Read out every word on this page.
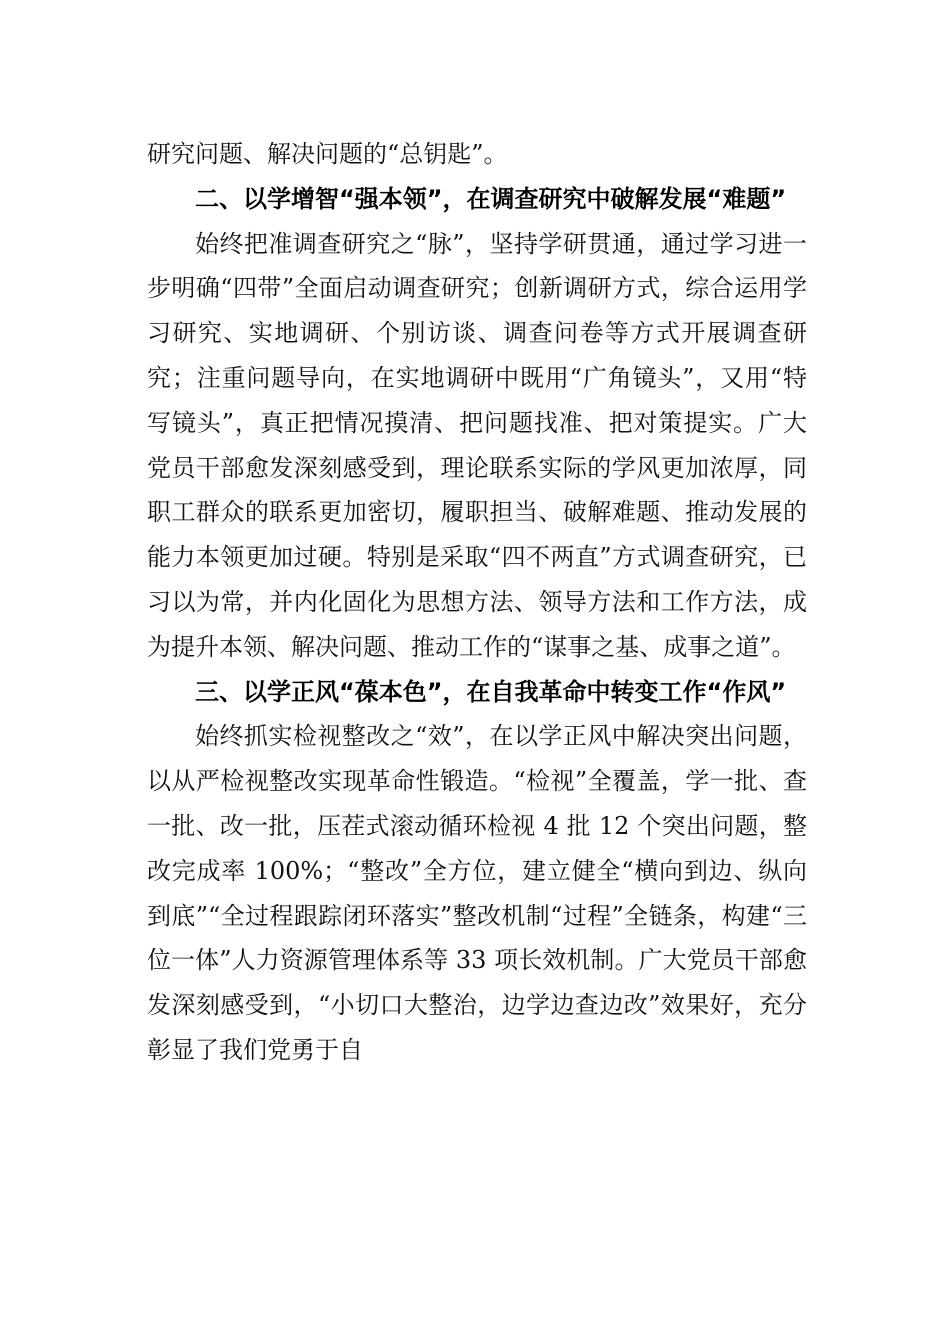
研究问题、解决问题的“总钥匙”。

二、以学增智“强本领”，在调查研究中破解发展“难题”

始终把准调查研究之“脉”，坚持学研贯通，通过学习进一步明确“四带”全面启动调查研究；创新调研方式，综合运用学习研究、实地调研、个别访谈、调查问卷等方式开展调查研究；注重问题导向，在实地调研中既用“广角镜头”，又用“特写镜头”，真正把情况摸清、把问题找准、把对策提实。广大党员干部愈发深刻感受到，理论联系实际的学风更加浓厚，同职工群众的联系更加密切，履职担当、破解难题、推动发展的能力本领更加过硬。特别是采取“四不两直”方式调查研究，已习以为常，并内化固化为思想方法、领导方法和工作方法，成为提升本领、解决问题、推动工作的“谋事之基、成事之道”。

三、以学正风“葆本色”，在自我革命中转变工作“作风”

始终抓实检视整改之“效”，在以学正风中解决突出问题，以从严检视整改实现革命性锻造。“检视”全覆盖，学一批、查一批、改一批，压茬式滚动循环检视 4 批 12 个突出问题，整改完成率 100%；“整改”全方位，建立健全“横向到边、纵向到底”“全过程跟踪闭环落实”整改机制“过程”全链条，构建“三位一体”人力资源管理体系等 33 项长效机制。广大党员干部愈发深刻感受到，“小切口大整治，边学边查边改”效果好，充分彰显了我们党勇于自
